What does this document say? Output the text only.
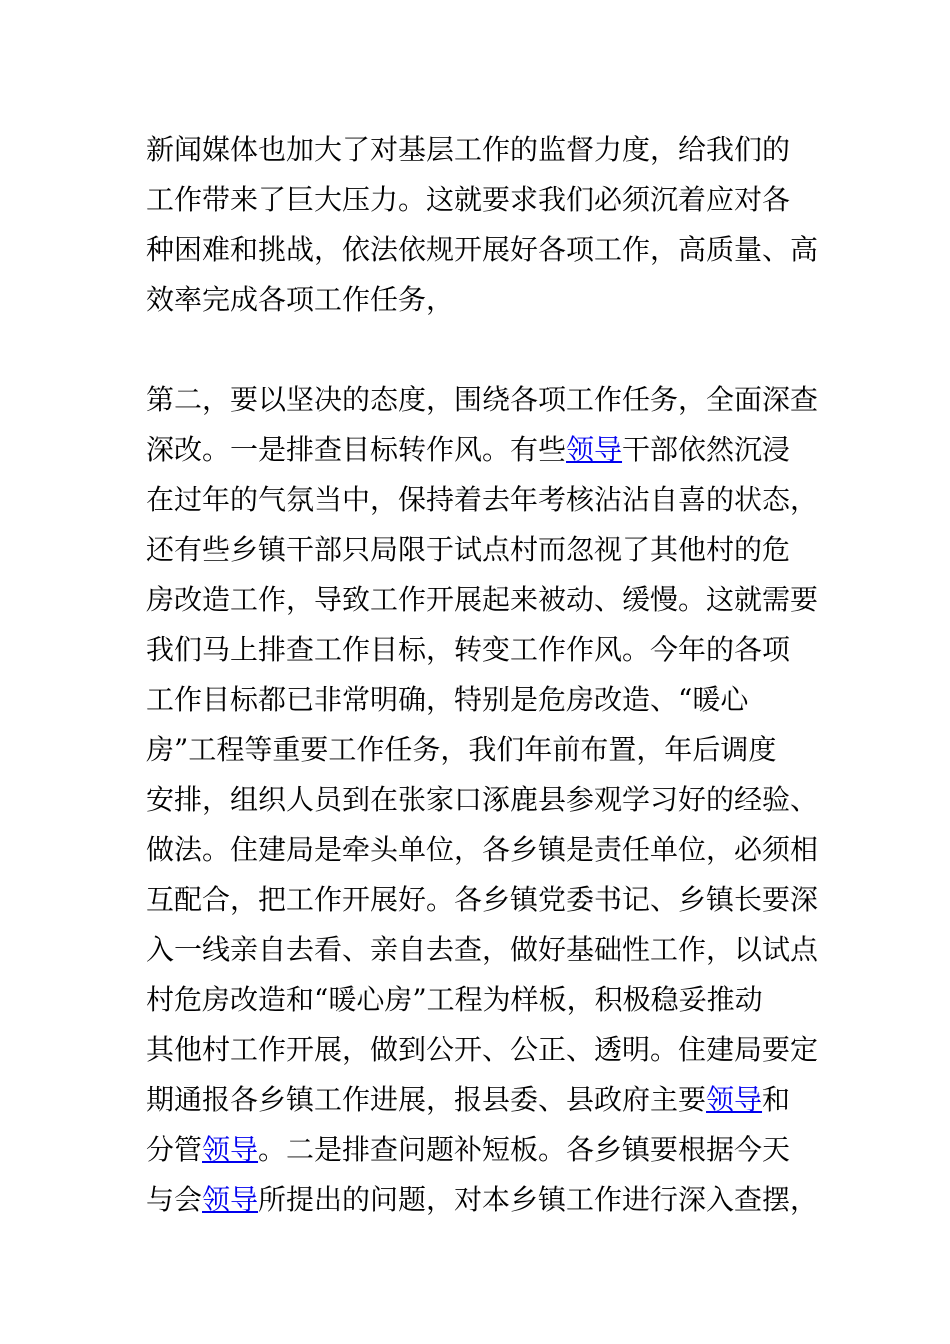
新闻媒体也加大了对基层工作的监督力度，给我们的
工作带来了巨大压力。这就要求我们必须沉着应对各
种困难和挑战，依法依规开展好各项工作，高质量、高
效率完成各项工作任务，
第二，要以坚决的态度，围绕各项工作任务，全面深查
深改。一是排查目标转作风。有些领导干部依然沉浸
在过年的气氛当中，保持着去年考核沾沾自喜的状态，
还有些乡镇干部只局限于试点村而忽视了其他村的危
房改造工作，导致工作开展起来被动、缓慢。这就需要
我们马上排查工作目标，转变工作作风。今年的各项
工作目标都已非常明确，特别是危房改造、“暖心
房”工程等重要工作任务，我们年前布置，年后调度
安排，组织人员到在张家口涿鹿县参观学习好的经验、
做法。住建局是牵头单位，各乡镇是责任单位，必须相
互配合，把工作开展好。各乡镇党委书记、乡镇长要深
入一线亲自去看、亲自去查，做好基础性工作，以试点
村危房改造和“暖心房”工程为样板，积极稳妥推动
其他村工作开展，做到公开、公正、透明。住建局要定
期通报各乡镇工作进展，报县委、县政府主要领导和
分管领导。二是排查问题补短板。各乡镇要根据今天
与会领导所提出的问题，对本乡镇工作进行深入查摆，
